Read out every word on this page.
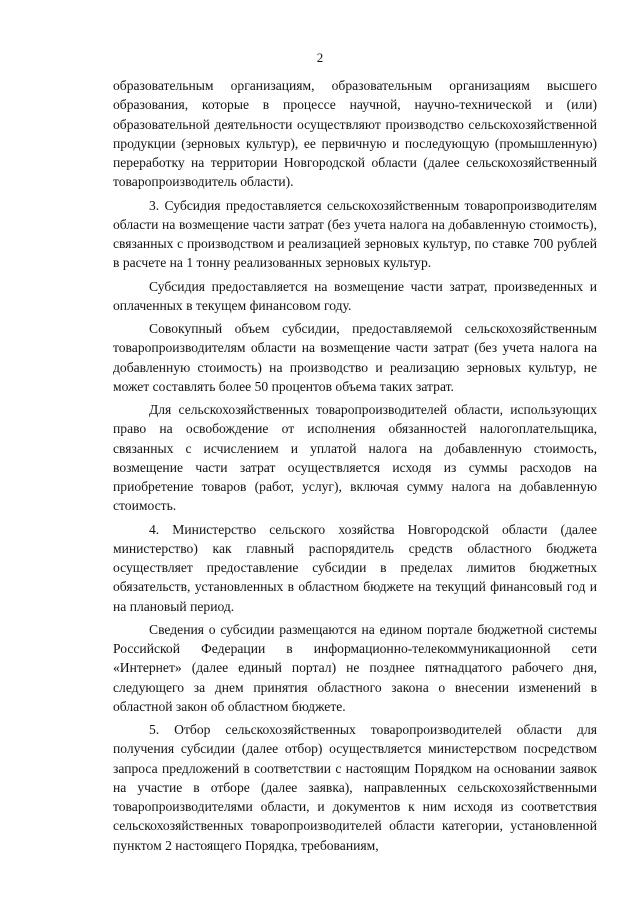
2

образовательным организациям, образовательным организациям высшего образования, которые в процессе научной, научно-технической и (или) образовательной деятельности осуществляют производство сельскохозяйственной продукции (зерновых культур), ее первичную и последующую (промышленную) переработку на территории Новгородской области (далее сельскохозяйственный товаропроизводитель области).

3. Субсидия предоставляется сельскохозяйственным товаропроизводителям области на возмещение части затрат (без учета налога на добавленную стоимость), связанных с производством и реализацией зерновых культур, по ставке 700 рублей в расчете на 1 тонну реализованных зерновых культур.

Субсидия предоставляется на возмещение части затрат, произведенных и оплаченных в текущем финансовом году.

Совокупный объем субсидии, предоставляемой сельскохозяйственным товаропроизводителям области на возмещение части затрат (без учета налога на добавленную стоимость) на производство и реализацию зерновых культур, не может составлять более 50 процентов объема таких затрат.

Для сельскохозяйственных товаропроизводителей области, использующих право на освобождение от исполнения обязанностей налогоплательщика, связанных с исчислением и уплатой налога на добавленную стоимость, возмещение части затрат осуществляется исходя из суммы расходов на приобретение товаров (работ, услуг), включая сумму налога на добавленную стоимость.

4. Министерство сельского хозяйства Новгородской области (далее министерство) как главный распорядитель средств областного бюджета осуществляет предоставление субсидии в пределах лимитов бюджетных обязательств, установленных в областном бюджете на текущий финансовый год и на плановый период.

Сведения о субсидии размещаются на едином портале бюджетной системы Российской Федерации в информационно-телекоммуникационной сети «Интернет» (далее единый портал) не позднее пятнадцатого рабочего дня, следующего за днем принятия областного закона о внесении изменений в областной закон об областном бюджете.

5. Отбор сельскохозяйственных товаропроизводителей области для получения субсидии (далее отбор) осуществляется министерством посредством запроса предложений в соответствии с настоящим Порядком на основании заявок на участие в отборе (далее заявка), направленных сельскохозяйственными товаропроизводителями области, и документов к ним исходя из соответствия сельскохозяйственных товаропроизводителей области категории, установленной пунктом 2 настоящего Порядка, требованиям,
